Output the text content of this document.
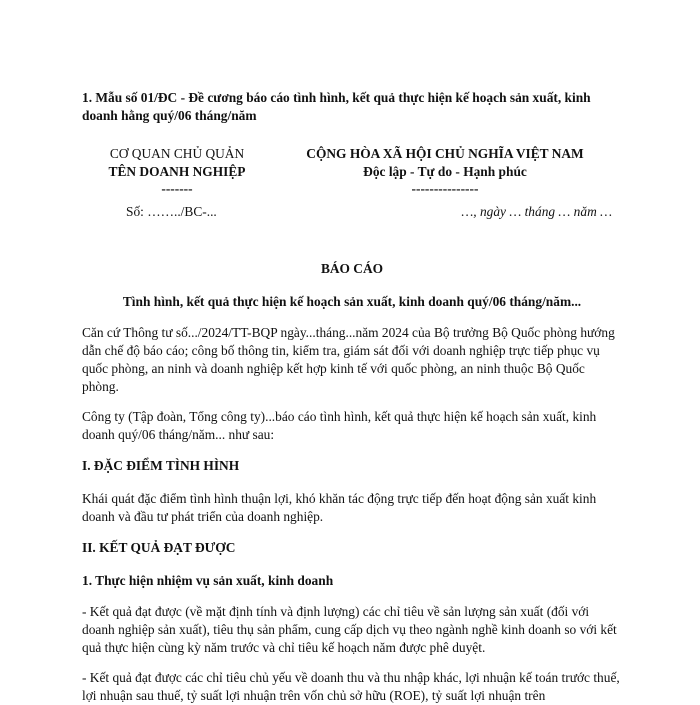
1. Mẫu số 01/ĐC - Đề cương báo cáo tình hình, kết quả thực hiện kế hoạch sản xuất, kinh doanh hằng quý/06 tháng/năm
CƠ QUAN CHỦ QUẢN
TÊN DOANH NGHIỆP
-------
Số: ……../BC-...
CỘNG HÒA XÃ HỘI CHỦ NGHĨA VIỆT NAM
Độc lập - Tự do - Hạnh phúc
---------------
…, ngày … tháng … năm …
BÁO CÁO
Tình hình, kết quả thực hiện kế hoạch sản xuất, kinh doanh quý/06 tháng/năm...
Căn cứ Thông tư số.../2024/TT-BQP ngày...tháng...năm 2024 của Bộ trưởng Bộ Quốc phòng hướng dẫn chế độ báo cáo; công bố thông tin, kiểm tra, giám sát đối với doanh nghiệp trực tiếp phục vụ quốc phòng, an ninh và doanh nghiệp kết hợp kinh tế với quốc phòng, an ninh thuộc Bộ Quốc phòng.
Công ty (Tập đoàn, Tổng công ty)...báo cáo tình hình, kết quả thực hiện kế hoạch sản xuất, kinh doanh quý/06 tháng/năm... như sau:
I. ĐẶC ĐIỂM TÌNH HÌNH
Khái quát đặc điểm tình hình thuận lợi, khó khăn tác động trực tiếp đến hoạt động sản xuất kinh doanh và đầu tư phát triển của doanh nghiệp.
II. KẾT QUẢ ĐẠT ĐƯỢC
1. Thực hiện nhiệm vụ sản xuất, kinh doanh
- Kết quả đạt được (về mặt định tính và định lượng) các chỉ tiêu về sản lượng sản xuất (đối với doanh nghiệp sản xuất), tiêu thụ sản phẩm, cung cấp dịch vụ theo ngành nghề kinh doanh so với kết quả thực hiện cùng kỳ năm trước và chỉ tiêu kế hoạch năm được phê duyệt.
- Kết quả đạt được các chỉ tiêu chủ yếu về doanh thu và thu nhập khác, lợi nhuận kế toán trước thuế, lợi nhuận sau thuế, tỷ suất lợi nhuận trên vốn chủ sở hữu (ROE), tỷ suất lợi nhuận trên
